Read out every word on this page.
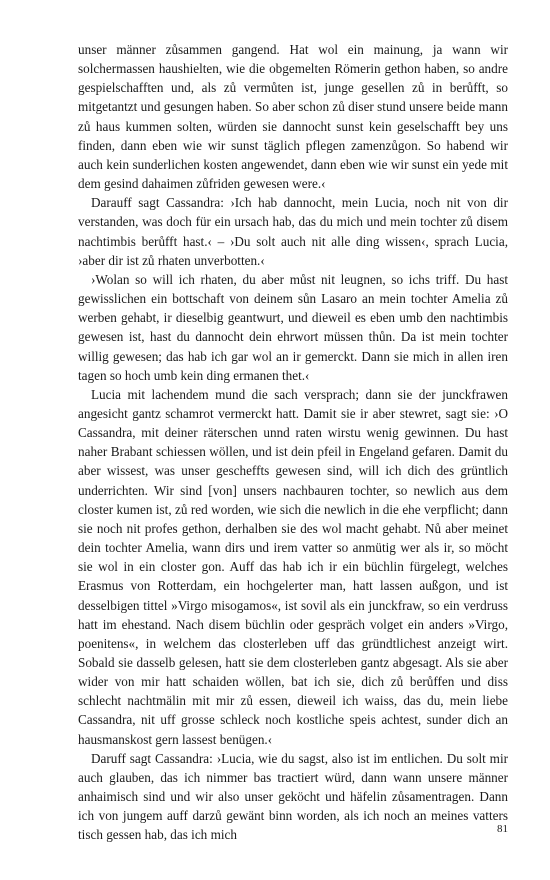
unser männer zůsammen gangend. Hat wol ein mainung, ja wann wir solchermassen haushielten, wie die obgemelten Römerin gethon haben, so andre gespielschafften und, als zů vermůten ist, junge gesellen zů in berůfft, so mitgetantzt und gesungen haben. So aber schon zů diser stund unsere beide mann zů haus kummen solten, würden sie dannocht sunst kein geselschafft bey uns finden, dann eben wie wir sunst täglich pflegen zamenzůgon. So habend wir auch kein sunderlichen kosten angewendet, dann eben wie wir sunst ein yede mit dem gesind dahaimen zůfriden gewesen were.‹

Darauff sagt Cassandra: ›Ich hab dannocht, mein Lucia, noch nit von dir verstanden, was doch für ein ursach hab, das du mich und mein tochter zů disem nachtimbis berůfft hast.‹ – ›Du solt auch nit alle ding wissen‹, sprach Lucia, ›aber dir ist zů rhaten unverbotten.‹

›Wolan so will ich rhaten, du aber můst nit leugnen, so ichs triff. Du hast gewisslichen ein bottschaft von deinem sůn Lasaro an mein tochter Amelia zů werben gehabt, ir dieselbig geantwurt, und dieweil es eben umb den nachtimbis gewesen ist, hast du dannocht dein ehrwort müssen thůn. Da ist mein tochter willig gewesen; das hab ich gar wol an ir gemerckt. Dann sie mich in allen iren tagen so hoch umb kein ding ermanen thet.‹

Lucia mit lachendem mund die sach versprach; dann sie der junckfrawen angesicht gantz schamrot vermerckt hatt. Damit sie ir aber stewret, sagt sie: ›O Cassandra, mit deiner räterschen unnd raten wirstu wenig gewinnen. Du hast naher Brabant schiessen wöllen, und ist dein pfeil in Engeland gefaren. Damit du aber wissest, was unser gescheffts gewesen sind, will ich dich des grüntlich underrichten. Wir sind [von] unsers nachbauren tochter, so newlich aus dem closter kumen ist, zů red worden, wie sich die newlich in die ehe verpflicht; dann sie noch nit profes gethon, derhalben sie des wol macht gehabt. Nů aber meinet dein tochter Amelia, wann dirs und irem vatter so anmütig wer als ir, so möcht sie wol in ein closter gon. Auff das hab ich ir ein büchlin fürgelegt, welches Erasmus von Rotterdam, ein hochgelerter man, hatt lassen außgon, und ist desselbigen tittel »Virgo misogamos«, ist sovil als ein junckfraw, so ein verdruss hatt im ehestand. Nach disem büchlin oder gespräch volget ein anders »Virgo, poenitens«, in welchem das closterleben uff das gründtlichest anzeigt wirt. Sobald sie dasselb gelesen, hatt sie dem closterleben gantz abgesagt. Als sie aber wider von mir hatt schaiden wöllen, bat ich sie, dich zů berůffen und diss schlecht nachtmälin mit mir zů essen, dieweil ich waiss, das du, mein liebe Cassandra, nit uff grosse schleck noch kostliche speis achtest, sunder dich an hausmanskost gern lassest benügen.‹

Daruff sagt Cassandra: ›Lucia, wie du sagst, also ist im entlichen. Du solt mir auch glauben, das ich nimmer bas tractiert würd, dann wann unsere männer anhaimisch sind und wir also unser geköcht und häfelin zůsamentragen. Dann ich von jungem auff darzů gewänt binn worden, als ich noch an meines vatters tisch gessen hab, das ich mich	81
